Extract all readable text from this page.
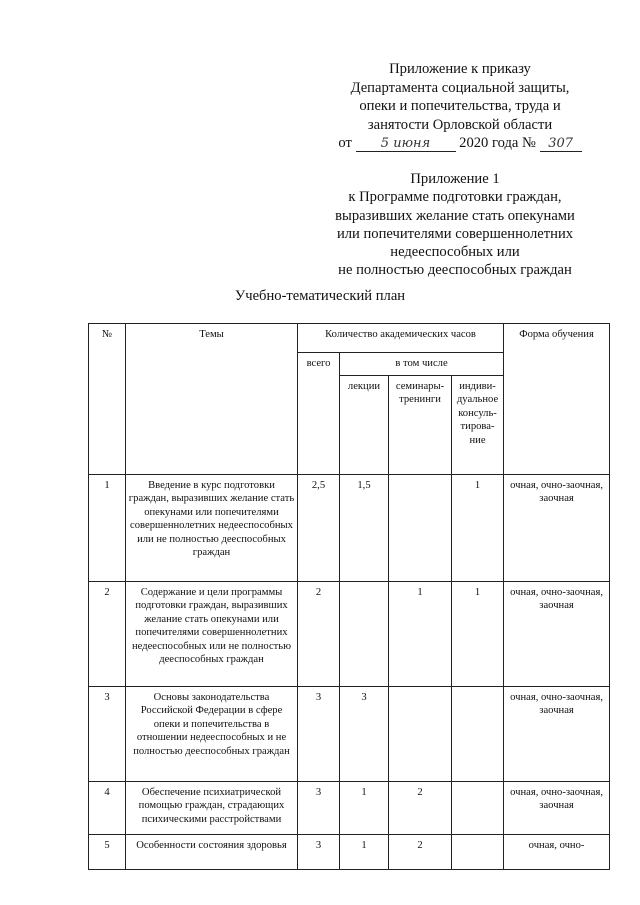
Приложение к приказу
Департамента социальной защиты,
опеки и попечительства, труда и
занятости Орловской области
от 5 июня 2020 года № 307
Приложение 1
к Программе подготовки граждан,
выразивших желание стать опекунами
или попечителями совершеннолетних
недееспособных или
не полностью дееспособных граждан
Учебно-тематический план
№	Темы	Количество академических часов				Форма обучения
		всего	в том числе			
			лекции	семинары-тренинги	индиви-дуальное консуль-тирова-ние	
1	Введение в курс подготовки граждан, выразивших желание стать опекунами или попечителями совершеннолетних недееспособных или не полностью дееспособных граждан	2,5	1,5		1	очная, очно-заочная, заочная
2	Содержание и цели программы подготовки граждан, выразивших желание стать опекунами или попечителями совершеннолетних недееспособных или не полностью дееспособных граждан	2		1	1	очная, очно-заочная, заочная
3	Основы законодательства Российской Федерации в сфере опеки и попечительства в отношении недееспособных и не полностью дееспособных граждан	3	3			очная, очно-заочная, заочная
4	Обеспечение психиатрической помощью граждан, страдающих психическими расстройствами	3	1	2		очная, очно-заочная, заочная
5	Особенности состояния здоровья	3	1	2		очная, очно-
